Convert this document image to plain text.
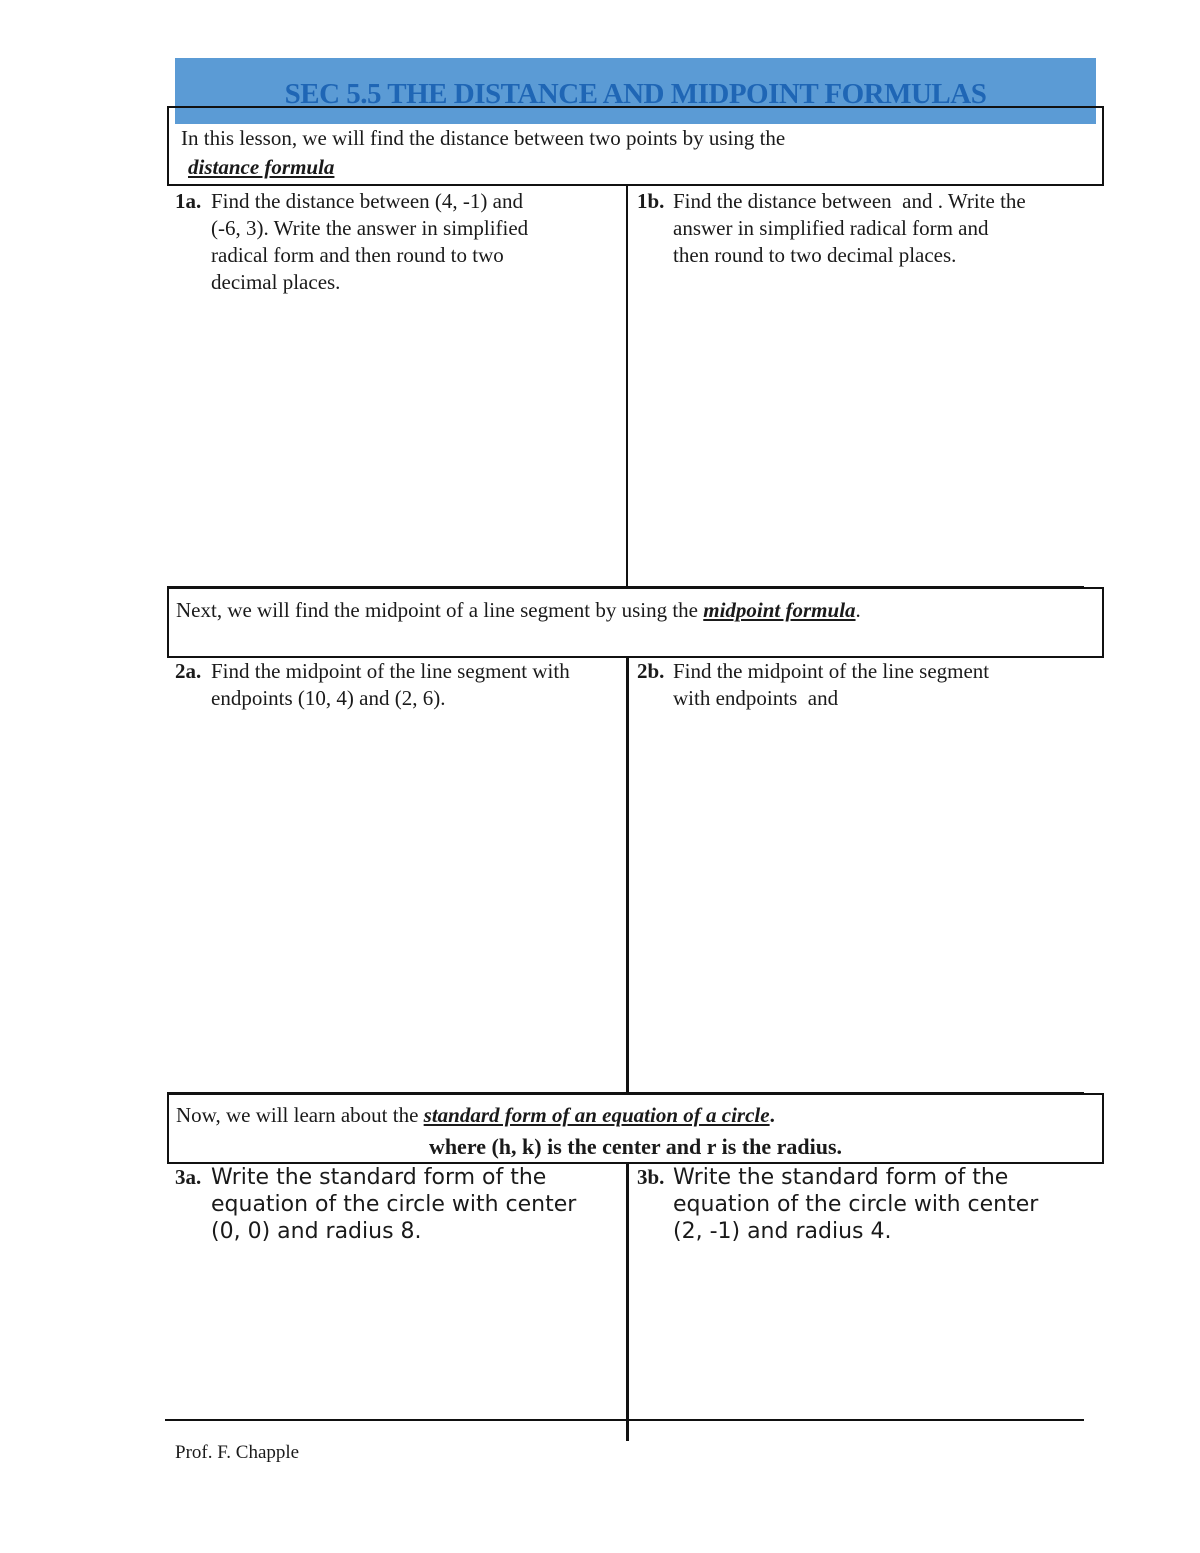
SEC 5.5 THE DISTANCE AND MIDPOINT FORMULAS
In this lesson, we will find the distance between two points by using the
distance formula
1a. Find the distance between (4, -1) and
(-6, 3). Write the answer in simplified
radical form and then round to two
decimal places.
1b. Find the distance between  and . Write the
answer in simplified radical form and
then round to two decimal places.
Next, we will find the midpoint of a line segment by using the midpoint formula.
2a. Find the midpoint of the line segment with
endpoints (10, 4) and (2, 6).
2b. Find the midpoint of the line segment
with endpoints  and
Now, we will learn about the standard form of an equation of a circle.
where (h, k) is the center and r is the radius.
3a. Write the standard form of the
equation of the circle with center
(0, 0) and radius 8.
3b. Write the standard form of the
equation of the circle with center
(2, -1) and radius 4.
Prof. F. Chapple
